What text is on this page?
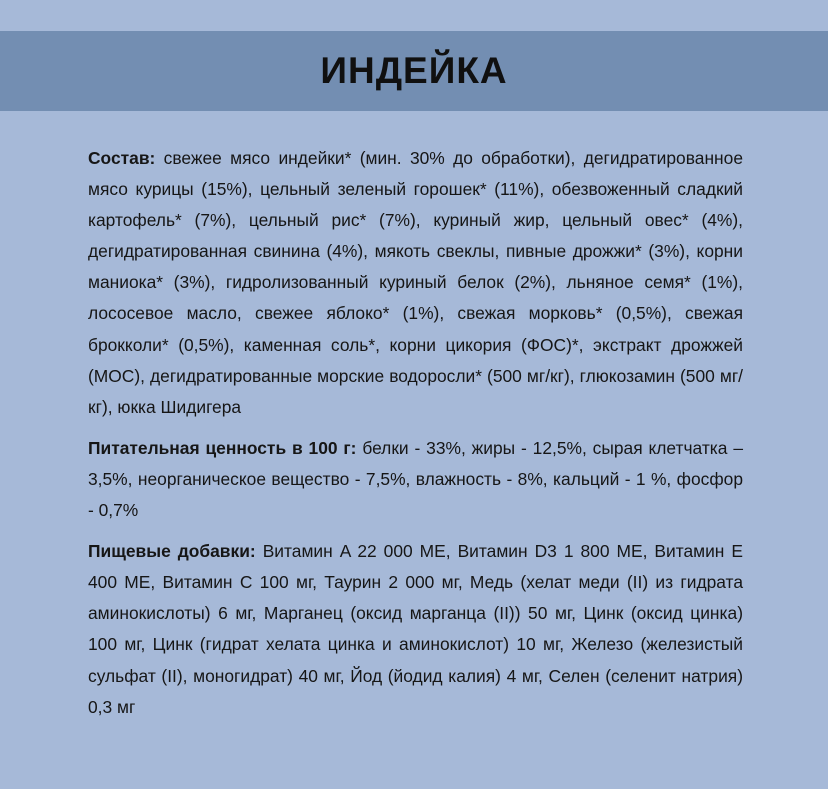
ИНДЕЙКА

Состав: свежее мясо индейки* (мин. 30% до обработки), дегидратированное мясо курицы (15%), цельный зеленый горошек* (11%), обезвоженный сладкий картофель* (7%), цельный рис* (7%), куриный жир, цельный овес* (4%), дегидратированная свинина (4%), мякоть свеклы, пивные дрожжи* (3%), корни маниока* (3%), гидролизованный куриный белок (2%), льняное семя* (1%), лососевое масло, свежее яблоко* (1%), свежая морковь* (0,5%), свежая брокколи* (0,5%), каменная соль*, корни цикория (ФОС)*, экстракт дрожжей (МОС), дегидратированные морские водоросли* (500 мг/кг), глюкозамин (500 мг/кг), юкка Шидигера

Питательная ценность в 100 г: белки - 33%, жиры - 12,5%, сырая клетчатка – 3,5%, неорганическое вещество - 7,5%, влажность - 8%, кальций - 1 %, фосфор - 0,7%

Пищевые добавки: Витамин A 22 000 МЕ, Витамин D3 1 800 МЕ, Витамин E 400 МЕ, Витамин C 100 мг, Таурин 2 000 мг, Медь (хелат меди (II) из гидрата аминокислоты) 6 мг, Марганец (оксид марганца (II)) 50 мг, Цинк (оксид цинка) 100 мг, Цинк (гидрат хелата цинка и аминокислот) 10 мг, Железо (железистый сульфат (II), моногидрат) 40 мг, Йод (йодид калия) 4 мг, Селен (селенит натрия) 0,3 мг
